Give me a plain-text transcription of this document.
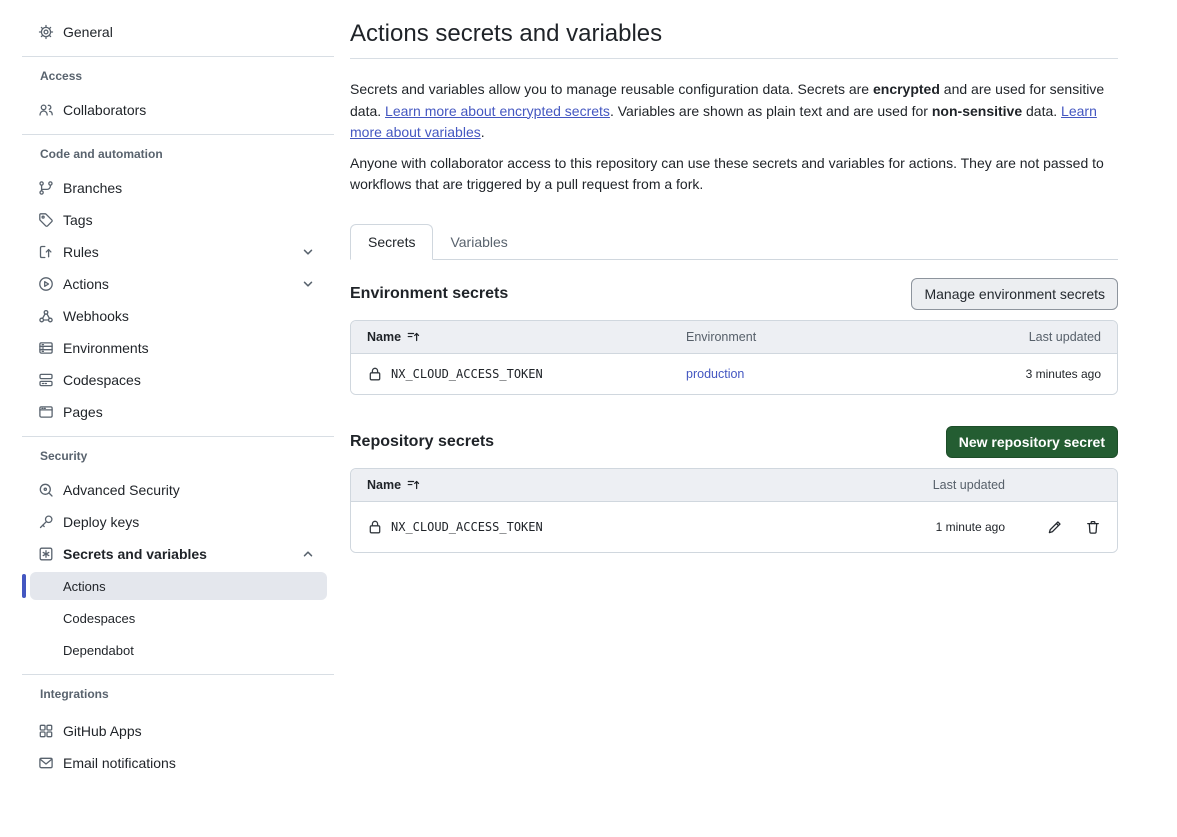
General
Access
Collaborators
Code and automation
Branches
Tags
Rules
Actions
Webhooks
Environments
Codespaces
Pages
Security
Advanced Security
Deploy keys
Secrets and variables
Actions
Codespaces
Dependabot
Integrations
GitHub Apps
Email notifications
Actions secrets and variables

Secrets and variables allow you to manage reusable configuration data. Secrets are encrypted and are used for sensitive data. Learn more about encrypted secrets. Variables are shown as plain text and are used for non-sensitive data. Learn more about variables.

Anyone with collaborator access to this repository can use these secrets and variables for actions. They are not passed to workflows that are triggered by a pull request from a fork.

Secrets	Variables
Environment secrets	Manage environment secrets
Name	Environment	Last updated
NX_CLOUD_ACCESS_TOKEN	production	3 minutes ago
Repository secrets	New repository secret
Name	Last updated
NX_CLOUD_ACCESS_TOKEN	1 minute ago
